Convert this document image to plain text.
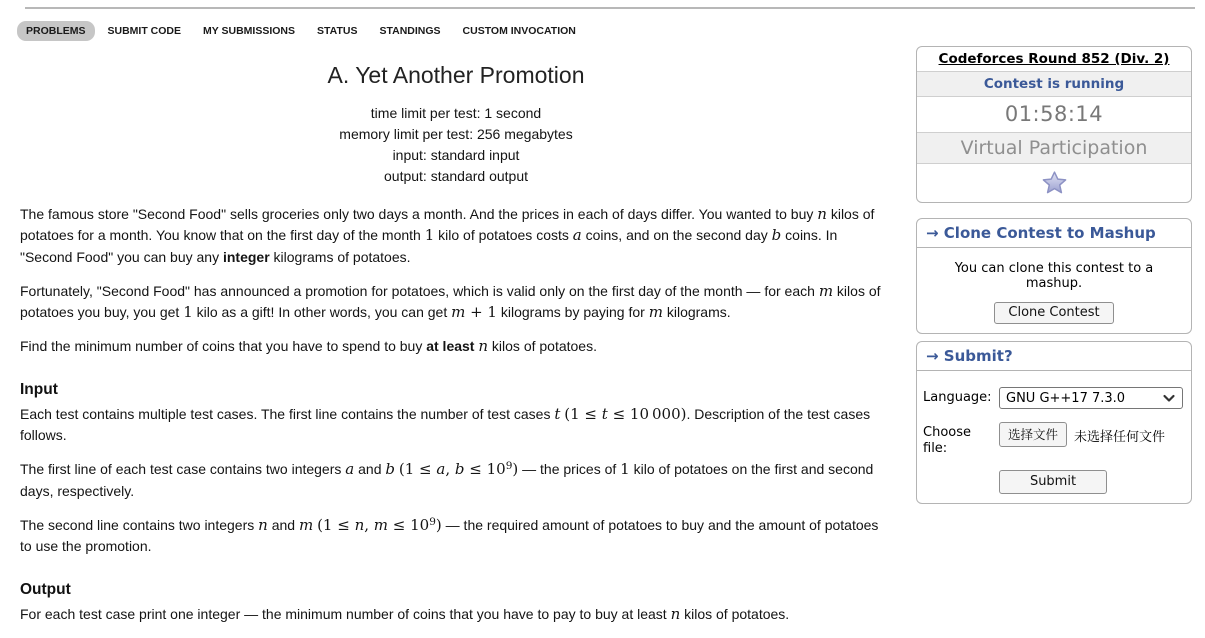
PROBLEMS	SUBMIT CODE	MY SUBMISSIONS	STATUS	STANDINGS	CUSTOM INVOCATION
A. Yet Another Promotion
time limit per test: 1 second
memory limit per test: 256 megabytes
input: standard input
output: standard output

The famous store "Second Food" sells groceries only two days a month. And the prices in each of days differ. You wanted to buy n kilos of potatoes for a month. You know that on the first day of the month 1 kilo of potatoes costs a coins, and on the second day b coins. In "Second Food" you can buy any integer kilograms of potatoes.

Fortunately, "Second Food" has announced a promotion for potatoes, which is valid only on the first day of the month — for each m kilos of potatoes you buy, you get 1 kilo as a gift! In other words, you can get m + 1 kilograms by paying for m kilograms.

Find the minimum number of coins that you have to spend to buy at least n kilos of potatoes.

Input

Each test contains multiple test cases. The first line contains the number of test cases t (1 ≤ t ≤ 10 000). Description of the test cases follows.

The first line of each test case contains two integers a and b (1 ≤ a, $b \le 10^9$) — the prices of 1 kilo of potatoes on the first and second days, respectively.

The second line contains two integers n and m (1 ≤ n, $m \le 10^9$) — the required amount of potatoes to buy and the amount of potatoes to use the promotion.

Output

For each test case print one integer — the minimum number of coins that you have to pay to buy at least n kilos of potatoes.

Codeforces Round 852 (Div. 2)
Contest is running
01:58:14
Virtual Participation
→ Clone Contest to Mashup
You can clone this contest to a mashup.
Clone Contest
→ Submit?
Language:	GNU G++17 7.3.0
Choose file:
选择文件	未选择任何文件
Submit
